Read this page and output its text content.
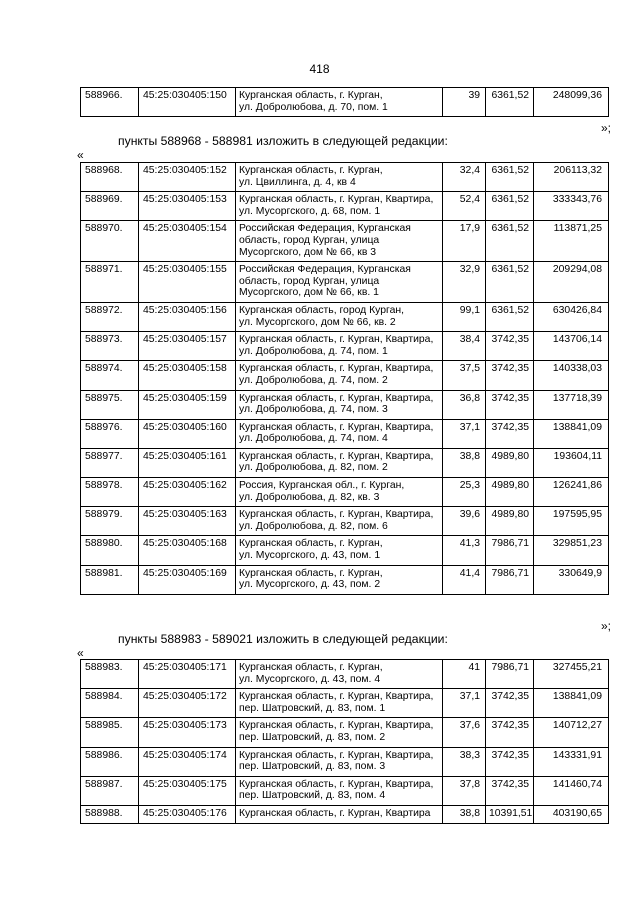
418
588966.	45:25:030405:150	Курганская область, г. Курган,
ул. Добролюбова, д. 70, пом. 1
	39	6361,52	248099,36
»;
пункты 588968 - 588981 изложить в следующей редакции:
«
588968.	45:25:030405:152	Курганская область, г. Курган,
ул. Цвиллинга, д. 4, кв 4	32,4	6361,52	206113,32
588969.	45:25:030405:153	Курганская область, г. Курган, Квартира,
ул. Мусоргского, д. 68, пом. 1	52,4	6361,52	333343,76
588970.	45:25:030405:154	Российская Федерация, Курганская
область, город Курган, улица
Мусоргского, дом № 66, кв 3	17,9	6361,52	113871,25
588971.	45:25:030405:155	Российская Федерация, Курганская
область, город Курган, улица
Мусоргского, дом № 66, кв. 1	32,9	6361,52	209294,08
588972.	45:25:030405:156	Курганская область, город Курган,
ул. Мусоргского, дом № 66, кв. 2	99,1	6361,52	630426,84
588973.	45:25:030405:157	Курганская область, г. Курган, Квартира,
ул. Добролюбова, д. 74, пом. 1	38,4	3742,35	143706,14
588974.	45:25:030405:158	Курганская область, г. Курган, Квартира,
ул. Добролюбова, д. 74, пом. 2	37,5	3742,35	140338,03
588975.	45:25:030405:159	Курганская область, г. Курган, Квартира,
ул. Добролюбова, д. 74, пом. 3	36,8	3742,35	137718,39
588976.	45:25:030405:160	Курганская область, г. Курган, Квартира,
ул. Добролюбова, д. 74, пом. 4	37,1	3742,35	138841,09
588977.	45:25:030405:161	Курганская область, г. Курган, Квартира,
ул. Добролюбова, д. 82, пом. 2	38,8	4989,80	193604,11
588978.	45:25:030405:162	Россия, Курганская обл., г. Курган,
ул. Добролюбова, д. 82, кв. 3	25,3	4989,80	126241,86
588979.	45:25:030405:163	Курганская область, г. Курган, Квартира,
ул. Добролюбова, д. 82, пом. 6	39,6	4989,80	197595,95
588980.	45:25:030405:168	Курганская область, г. Курган,
ул. Мусоргского, д. 43, пом. 1	41,3	7986,71	329851,23
588981.	45:25:030405:169	Курганская область, г. Курган,
ул. Мусоргского, д. 43, пом. 2	41,4	7986,71	330649,9
»;
пункты 588983 - 589021 изложить в следующей редакции:
«
588983.	45:25:030405:171	Курганская область, г. Курган,
ул. Мусоргского, д. 43, пом. 4	41	7986,71	327455,21
588984.	45:25:030405:172	Курганская область, г. Курган, Квартира,
пер. Шатровский, д. 83, пом. 1	37,1	3742,35	138841,09
588985.	45:25:030405:173	Курганская область, г. Курган, Квартира,
пер. Шатровский, д. 83, пом. 2	37,6	3742,35	140712,27
588986.	45:25:030405:174	Курганская область, г. Курган, Квартира,
пер. Шатровский, д. 83, пом. 3	38,3	3742,35	143331,91
588987.	45:25:030405:175	Курганская область, г. Курган, Квартира,
пер. Шатровский, д. 83, пом. 4	37,8	3742,35	141460,74
588988.	45:25:030405:176	Курганская область, г. Курган, Квартира	38,8	10391,51	403190,65
